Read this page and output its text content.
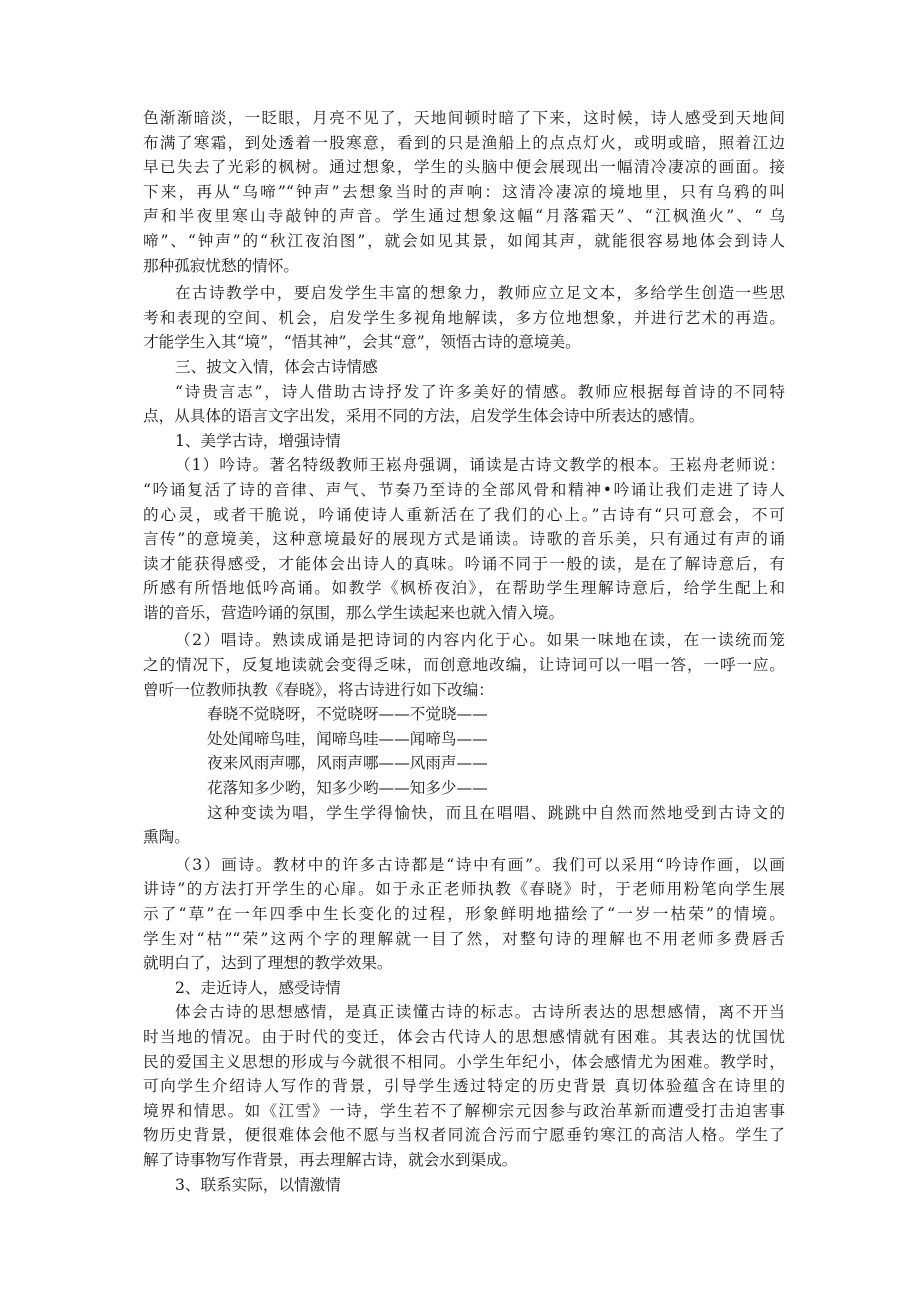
色渐渐暗淡，一眨眼，月亮不见了，天地间顿时暗了下来，这时候，诗人感受到天地间
布满了寒霜，到处透着一股寒意，看到的只是渔船上的点点灯火，或明或暗，照着江边
早已失去了光彩的枫树。通过想象，学生的头脑中便会展现出一幅清冷凄凉的画面。接
下来，再从“乌啼”“钟声”去想象当时的声响：这清冷凄凉的境地里，只有乌鸦的叫
声和半夜里寒山寺敲钟的声音。学生通过想象这幅“月落霜天”、“江枫渔火”、“ 乌
啼”、“钟声”的“秋江夜泊图”，就会如见其景，如闻其声，就能很容易地体会到诗人
那种孤寂忧愁的情怀。
在古诗教学中，要启发学生丰富的想象力，教师应立足文本，多给学生创造一些思
考和表现的空间、机会，启发学生多视角地解读，多方位地想象，并进行艺术的再造。
才能学生入其“境”，“悟其神”，会其“意”，领悟古诗的意境美。
三、披文入情，体会古诗情感
“诗贵言志”，诗人借助古诗抒发了许多美好的情感。教师应根据每首诗的不同特
点，从具体的语言文字出发，采用不同的方法，启发学生体会诗中所表达的感情。
1、美学古诗，增强诗情
（1）吟诗。著名特级教师王崧舟强调，诵读是古诗文教学的根本。王崧舟老师说：
“吟诵复活了诗的音律、声气、节奏乃至诗的全部风骨和精神•吟诵让我们走进了诗人
的心灵，或者干脆说，吟诵使诗人重新活在了我们的心上。”古诗有“只可意会，不可
言传”的意境美，这种意境最好的展现方式是诵读。诗歌的音乐美，只有通过有声的诵
读才能获得感受，才能体会出诗人的真味。吟诵不同于一般的读，是在了解诗意后，有
所感有所悟地低吟高诵。如教学《枫桥夜泊》，在帮助学生理解诗意后，给学生配上和
谐的音乐，营造吟诵的氛围，那么学生读起来也就入情入境。
（2）唱诗。熟读成诵是把诗词的内容内化于心。如果一味地在读，在一读统而笼
之的情况下，反复地读就会变得乏味，而创意地改编，让诗词可以一唱一答，一呼一应。
曾听一位教师执教《春晓》，将古诗进行如下改编：
春晓不觉晓呀，不觉晓呀——不觉晓——
处处闻啼鸟哇，闻啼鸟哇——闻啼鸟——
夜来风雨声哪，风雨声哪——风雨声——
花落知多少哟，知多少哟——知多少——
这种变读为唱，学生学得愉快，而且在唱唱、跳跳中自然而然地受到古诗文的
熏陶。
（3）画诗。教材中的许多古诗都是“诗中有画”。我们可以采用“吟诗作画，以画
讲诗”的方法打开学生的心扉。如于永正老师执教《春晓》时，于老师用粉笔向学生展
示了“草”在一年四季中生长变化的过程，形象鲜明地描绘了“一岁一枯荣”的情境。
学生对“枯”“荣”这两个字的理解就一目了然，对整句诗的理解也不用老师多费唇舌
就明白了，达到了理想的教学效果。
2、走近诗人，感受诗情
体会古诗的思想感情，是真正读懂古诗的标志。古诗所表达的思想感情，离不开当
时当地的情况。由于时代的变迁，体会古代诗人的思想感情就有困难。其表达的忧国忧
民的爱国主义思想的形成与今就很不相同。小学生年纪小，体会感情尤为困难。教学时，
可向学生介绍诗人写作的背景，引导学生透过特定的历史背景 真切体验蕴含在诗里的
境界和情思。如《江雪》一诗，学生若不了解柳宗元因参与政治革新而遭受打击迫害事
物历史背景，便很难体会他不愿与当权者同流合污而宁愿垂钓寒江的高洁人格。学生了
解了诗事物写作背景，再去理解古诗，就会水到渠成。
3、联系实际，以情激情
